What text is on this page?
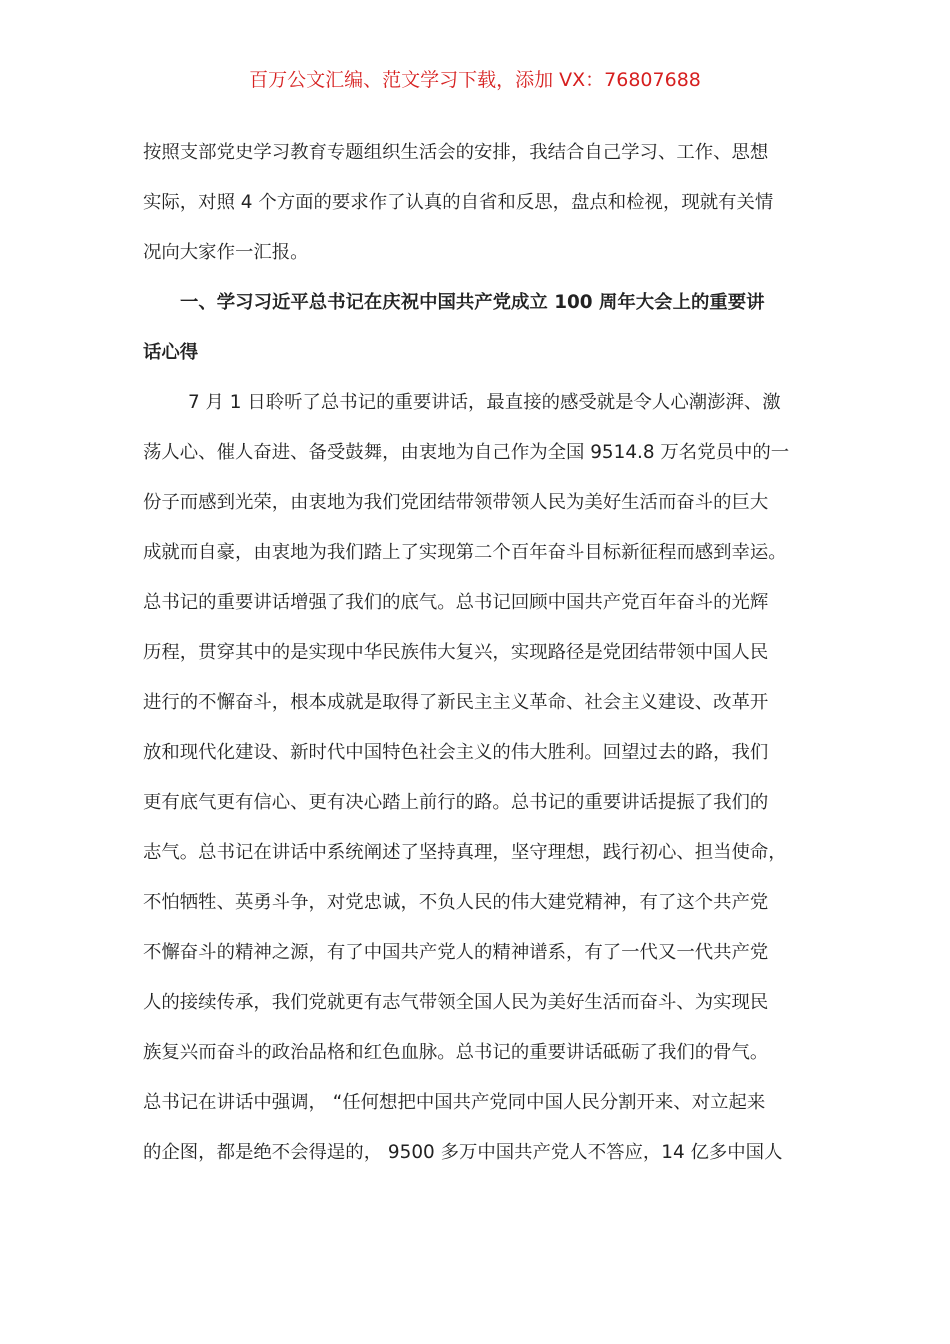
百万公文汇编、范文学习下载，添加 VX：76807688
按照支部党史学习教育专题组织生活会的安排，我结合自己学习、工作、思想
实际，对照 4 个方面的要求作了认真的自省和反思，盘点和检视，现就有关情
况向大家作一汇报。
一、学习习近平总书记在庆祝中国共产党成立 100 周年大会上的重要讲
话心得
7 月 1 日聆听了总书记的重要讲话，最直接的感受就是令人心潮澎湃、激
荡人心、催人奋进、备受鼓舞，由衷地为自己作为全国 9514.8 万名党员中的一
份子而感到光荣，由衷地为我们党团结带领带领人民为美好生活而奋斗的巨大
成就而自豪，由衷地为我们踏上了实现第二个百年奋斗目标新征程而感到幸运。
总书记的重要讲话增强了我们的底气。总书记回顾中国共产党百年奋斗的光辉
历程，贯穿其中的是实现中华民族伟大复兴，实现路径是党团结带领中国人民
进行的不懈奋斗，根本成就是取得了新民主主义革命、社会主义建设、改革开
放和现代化建设、新时代中国特色社会主义的伟大胜利。回望过去的路，我们
更有底气更有信心、更有决心踏上前行的路。总书记的重要讲话提振了我们的
志气。总书记在讲话中系统阐述了坚持真理，坚守理想，践行初心、担当使命，
不怕牺牲、英勇斗争，对党忠诚，不负人民的伟大建党精神，有了这个共产党
不懈奋斗的精神之源，有了中国共产党人的精神谱系，有了一代又一代共产党
人的接续传承，我们党就更有志气带领全国人民为美好生活而奋斗、为实现民
族复兴而奋斗的政治品格和红色血脉。总书记的重要讲话砥砺了我们的骨气。
总书记在讲话中强调， “任何想把中国共产党同中国人民分割开来、对立起来
的企图，都是绝不会得逞的， 9500 多万中国共产党人不答应，14 亿多中国人
